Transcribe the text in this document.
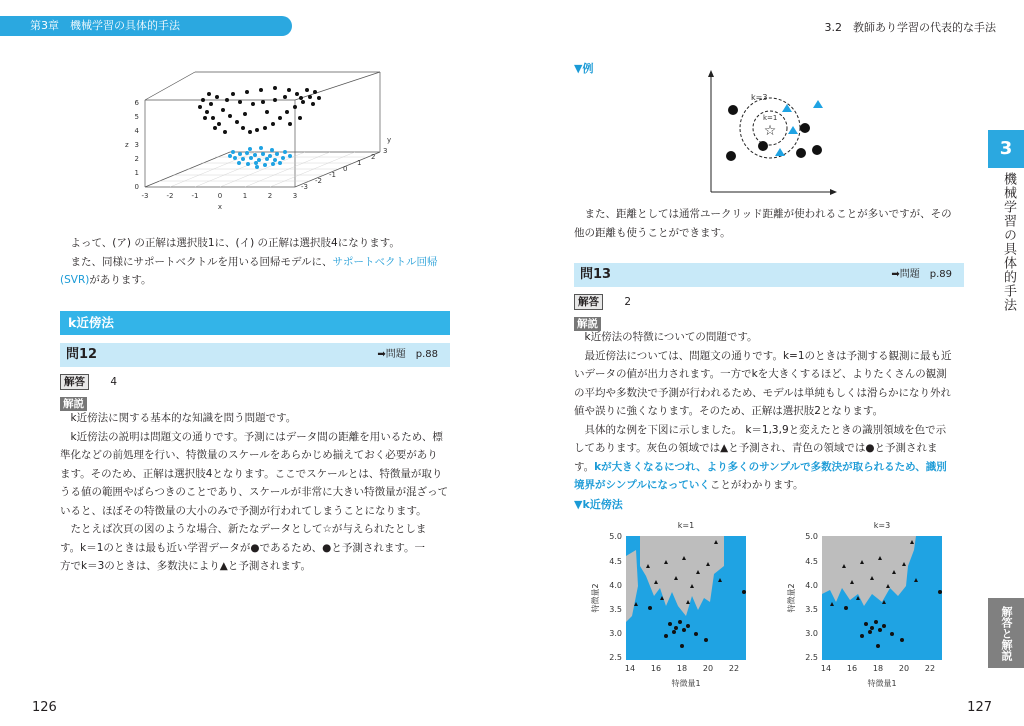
第3章　機械学習の具体的手法
0
1
2
3
4
5
6
z
-3	-2	-1	0	1	2	3
x
-3
-2
-1
0
1
2
3
y
よって、(ア) の正解は選択肢1に、(イ) の正解は選択肢4になります。
また、同様にサポートベクトルを用いる回帰モデルに、サポートベクトル回帰
(SVR)があります。
k近傍法
問12	➡問題　p.88
解答 4
解説
k近傍法に関する基本的な知識を問う問題です。
k近傍法の説明は問題文の通りです。予測にはデータ間の距離を用いるため、標
準化などの前処理を行い、特徴量のスケールをあらかじめ揃えておく必要があり
ます。そのため、正解は選択肢4となります。ここでスケールとは、特徴量が取り
うる値の範囲やばらつきのことであり、スケールが非常に大きい特徴量が混ざって
いると、ほぼその特徴量の大小のみで予測が行われてしまうことになります。
たとえば次頁の図のような場合、新たなデータとして☆が与えられたとしま
す。k＝1のときは最も近い学習データが●であるため、●と予測されます。一
方でk＝3のときは、多数決により▲と予測されます。
126
3.2　教師あり学習の代表的な手法
▼例
k=3
k=1
☆
また、距離としては通常ユークリッド距離が使われることが多いですが、その
他の距離も使うことができます。
問13	➡問題　p.89
解答 2
解説
k近傍法の特徴についての問題です。
最近傍法については、問題文の通りです。k=1のときは予測する観測に最も近
いデータの値が出力されます。一方でkを大きくするほど、よりたくさんの観測
の平均や多数決で予測が行われるため、モデルは単純もしくは滑らかになり外れ
値や誤りに強くなります。そのため、正解は選択肢2となります。
具体的な例を下図に示しました。 k＝1,3,9と変えたときの識別領域を色で示
してあります。灰色の領域では▲と予測され、青色の領域では●と予測されま
す。kが大きくなるにつれ、より多くのサンプルで多数決が取られるため、識別
境界がシンプルになっていくことがわかります。
▼k近傍法
k=1	k=3
5.0
4.5
4.0
3.5
3.0
2.5
5.0
4.5
4.0
3.5
3.0
2.5
14 16 18 20 22	14 16 18 20 22
特徴量1	特徴量1
特徴量2	特徴量2
3
機械学習の具体的手法
解答と解説
127
